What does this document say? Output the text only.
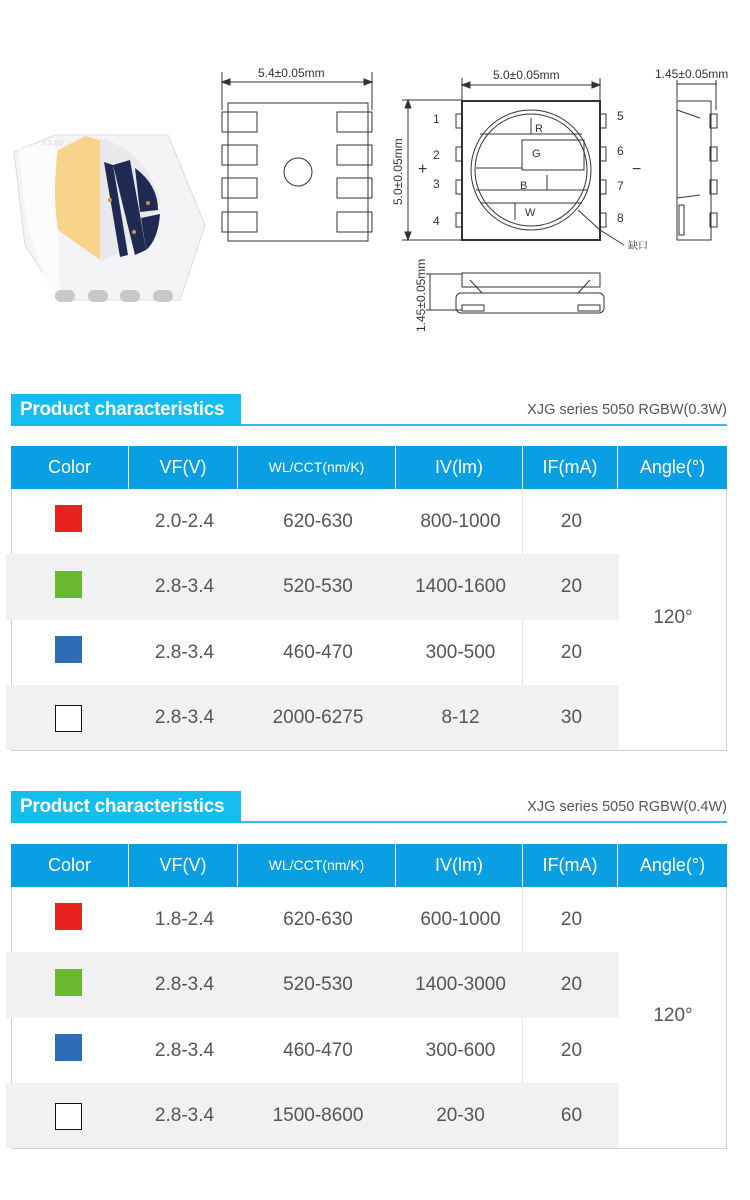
XJLED
5.4±0.05mm	5.0±0.05mm
5.0±0.05mm
1
2
3
4
5
6
7
8
+	−
R
G
B
W
缺口
1.45±0.05mm
1.45±0.05mm
Product characteristics	XJG series 5050 RGBW(0.3W)
Color	VF(V)	WL/CCT(nm/K)	IV(lm)	IF(mA)	Angle(°)
2.0-2.4	620-630	800-1000	20
2.8-3.4	520-530	1400-1600	20
2.8-3.4	460-470	300-500	20
2.8-3.4	2000-6275	8-12	30
120°
Product characteristics	XJG series 5050 RGBW(0.4W)
Color	VF(V)	WL/CCT(nm/K)	IV(lm)	IF(mA)	Angle(°)
1.8-2.4	620-630	600-1000	20
2.8-3.4	520-530	1400-3000	20
2.8-3.4	460-470	300-600	20
2.8-3.4	1500-8600	20-30	60
120°
